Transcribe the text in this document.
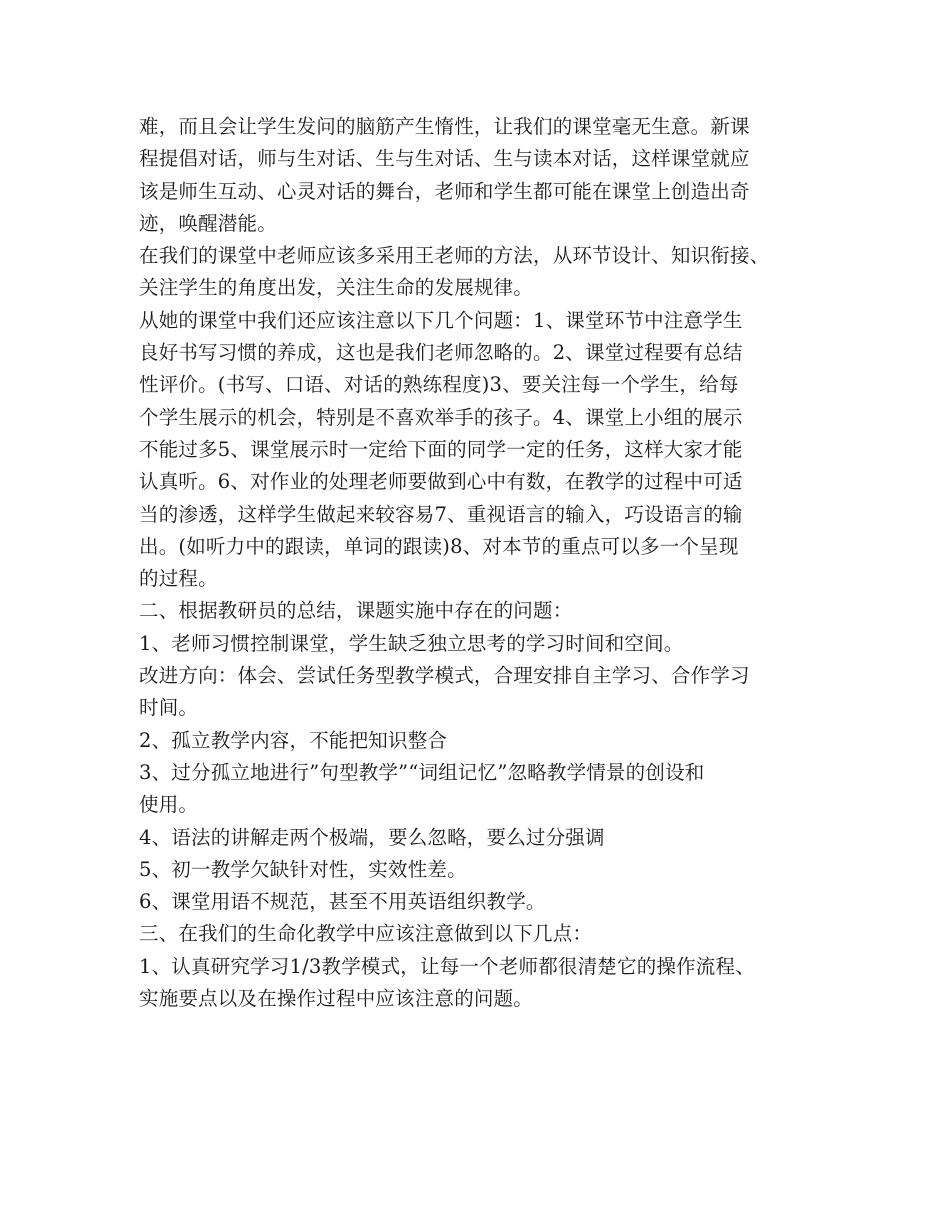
难，而且会让学生发问的脑筋产生惰性，让我们的课堂毫无生意。新课

程提倡对话，师与生对话、生与生对话、生与读本对话，这样课堂就应

该是师生互动、心灵对话的舞台，老师和学生都可能在课堂上创造出奇

迹，唤醒潜能。

在我们的课堂中老师应该多采用王老师的方法，从环节设计、知识衔接、

关注学生的角度出发，关注生命的发展规律。

从她的课堂中我们还应该注意以下几个问题：1、课堂环节中注意学生

良好书写习惯的养成，这也是我们老师忽略的。2、课堂过程要有总结

性评价。(书写、口语、对话的熟练程度)3、要关注每一个学生，给每

个学生展示的机会，特别是不喜欢举手的孩子。4、课堂上小组的展示

不能过多5、课堂展示时一定给下面的同学一定的任务，这样大家才能

认真听。6、对作业的处理老师要做到心中有数，在教学的过程中可适

当的渗透，这样学生做起来较容易7、重视语言的输入，巧设语言的输

出。(如听力中的跟读，单词的跟读)8、对本节的重点可以多一个呈现

的过程。

二、根据教研员的总结，课题实施中存在的问题：

1、老师习惯控制课堂，学生缺乏独立思考的学习时间和空间。

改进方向：体会、尝试任务型教学模式，合理安排自主学习、合作学习

时间。

2、孤立教学内容，不能把知识整合

3、过分孤立地进行”句型教学”“词组记忆”忽略教学情景的创设和

使用。

4、语法的讲解走两个极端，要么忽略，要么过分强调

5、初一教学欠缺针对性，实效性差。

6、课堂用语不规范，甚至不用英语组织教学。

三、在我们的生命化教学中应该注意做到以下几点：

1、认真研究学习1/3教学模式，让每一个老师都很清楚它的操作流程、

实施要点以及在操作过程中应该注意的问题。
